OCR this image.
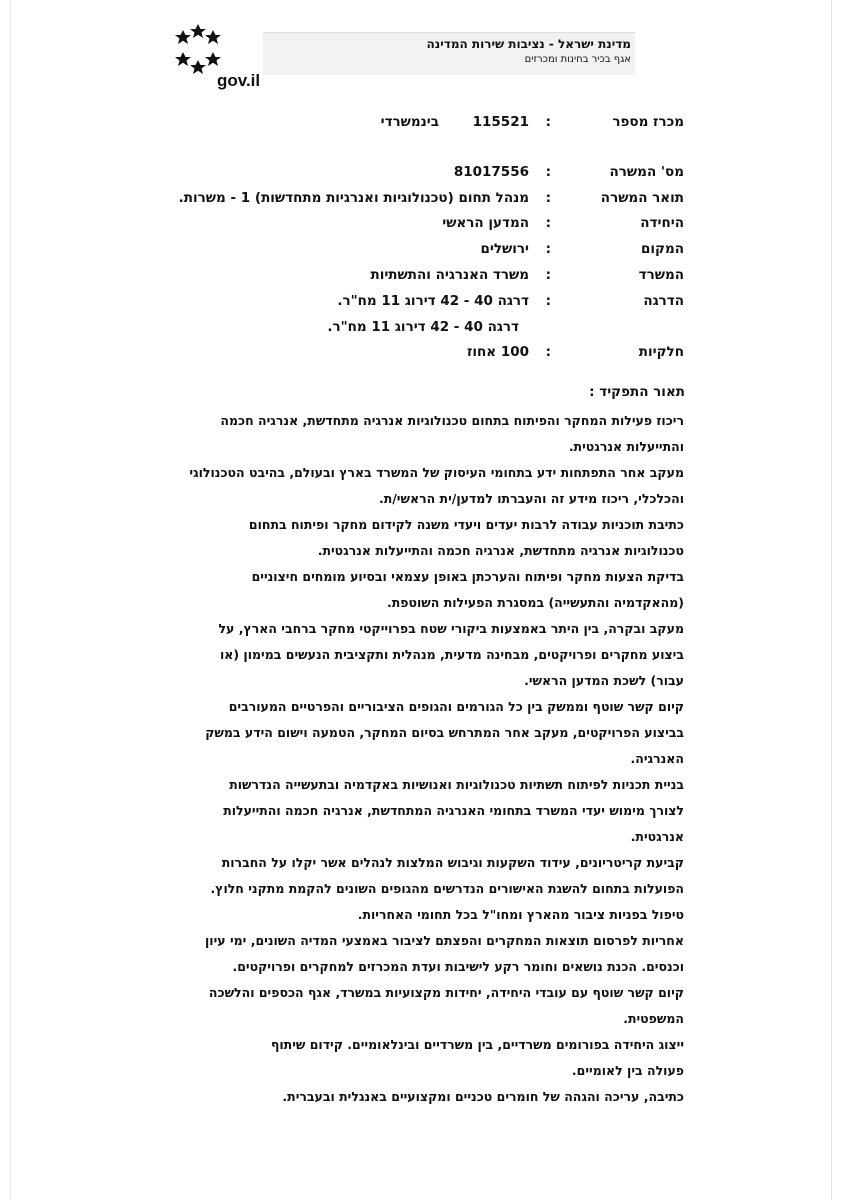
מדינת ישראל - נציבות שירות המדינה
אגף בכיר בחינות ומכרזים
gov.il
מכרז מספר
:
115521
בינמשרדי
מס' המשרה
:
81017556
תואר המשרה
:
מנהל תחום (טכנולוגיות ואנרגיות מתחדשות) 1 - משרות.
היחידה
:
המדען הראשי
המקום
:
ירושלים
המשרד
:
משרד האנרגיה והתשתיות
הדרגה
:
דרגה 40 - 42 דירוג 11 מח"ר.
דרגה 40 - 42 דירוג 11 מח"ר.
חלקיות
:
100 אחוז
תאור התפקיד :

ריכוז פעילות המחקר והפיתוח בתחום טכנולוגיות אנרגיה מתחדשת, אנרגיה חכמה

והתייעלות אנרגטית.

מעקב אחר התפתחות ידע בתחומי העיסוק של המשרד בארץ ובעולם, בהיבט הטכנולוגי

והכלכלי, ריכוז מידע זה והעברתו למדען/ית הראשי/ת.

כתיבת תוכניות עבודה לרבות יעדים ויעדי משנה לקידום מחקר ופיתוח בתחום

טכנולוגיות אנרגיה מתחדשת, אנרגיה חכמה והתייעלות אנרגטית.

בדיקת הצעות מחקר ופיתוח והערכתן באופן עצמאי ובסיוע מומחים חיצוניים

(מהאקדמיה והתעשייה) במסגרת הפעילות השוטפת.

מעקב ובקרה, בין היתר באמצעות ביקורי שטח בפרוייקטי מחקר ברחבי הארץ, על

ביצוע מחקרים ופרויקטים, מבחינה מדעית, מנהלית ותקציבית הנעשים במימון (או

עבור) לשכת המדען הראשי.

קיום קשר שוטף וממשק בין כל הגורמים והגופים הציבוריים והפרטיים המעורבים

בביצוע הפרויקטים, מעקב אחר המתרחש בסיום המחקר, הטמעה וישום הידע במשק

האנרגיה.

בניית תכניות לפיתוח תשתיות טכנולוגיות ואנושיות באקדמיה ובתעשייה הנדרשות

לצורך מימוש יעדי המשרד בתחומי האנרגיה המתחדשת, אנרגיה חכמה והתייעלות

אנרגטית.

קביעת קריטריונים, עידוד השקעות וגיבוש המלצות לנהלים אשר יקלו על החברות

הפועלות בתחום להשגת האישורים הנדרשים מהגופים השונים להקמת מתקני חלוץ.

טיפול בפניות ציבור מהארץ ומחו"ל בכל תחומי האחריות.

אחריות לפרסום תוצאות המחקרים והפצתם לציבור באמצעי המדיה השונים, ימי עיון

וכנסים. הכנת נושאים וחומר רקע לישיבות ועדת המכרזים למחקרים ופרויקטים.

קיום קשר שוטף עם עובדי היחידה, יחידות מקצועיות במשרד, אגף הכספים והלשכה

המשפטית.

ייצוג היחידה בפורומים משרדיים, בין משרדיים ובינלאומיים. קידום שיתוף

פעולה בין לאומיים.

כתיבה, עריכה והגהה של חומרים טכניים ומקצועיים באנגלית ובעברית.
